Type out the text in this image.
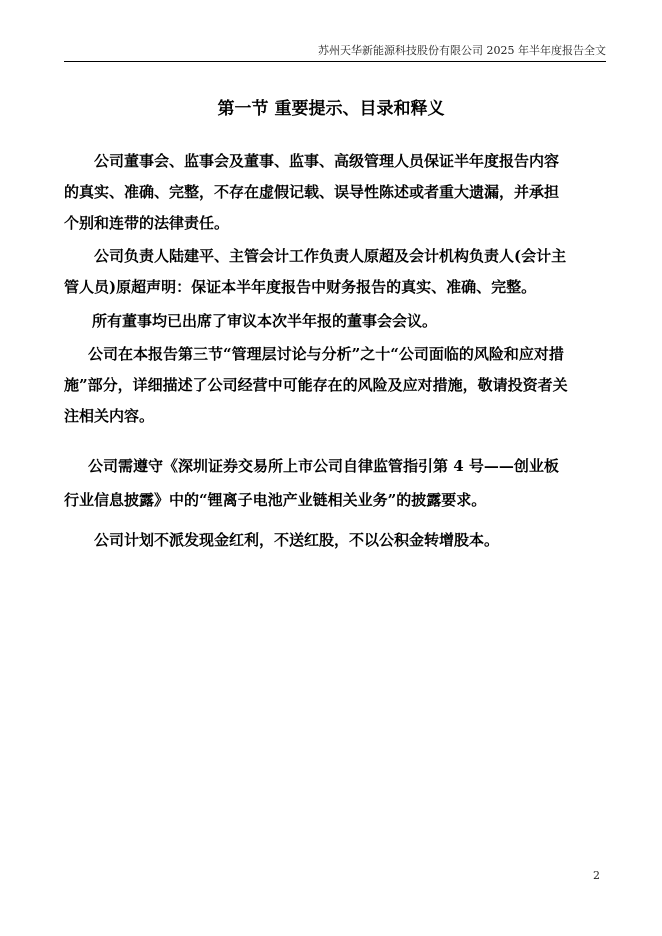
苏州天华新能源科技股份有限公司 2025 年半年度报告全文
第一节 重要提示、目录和释义
公司董事会、监事会及董事、监事、高级管理人员保证半年度报告内容
的真实、准确、完整，不存在虚假记载、误导性陈述或者重大遗漏，并承担
个别和连带的法律责任。
公司负责人陆建平、主管会计工作负责人原超及会计机构负责人(会计主
管人员)原超声明：保证本半年度报告中财务报告的真实、准确、完整。
所有董事均已出席了审议本次半年报的董事会会议。
公司在本报告第三节“管理层讨论与分析”之十“公司面临的风险和应对措
施”部分，详细描述了公司经营中可能存在的风险及应对措施，敬请投资者关
注相关内容。
公司需遵守《深圳证券交易所上市公司自律监管指引第 4 号——创业板
行业信息披露》中的“锂离子电池产业链相关业务”的披露要求。
公司计划不派发现金红利，不送红股，不以公积金转增股本。
2
